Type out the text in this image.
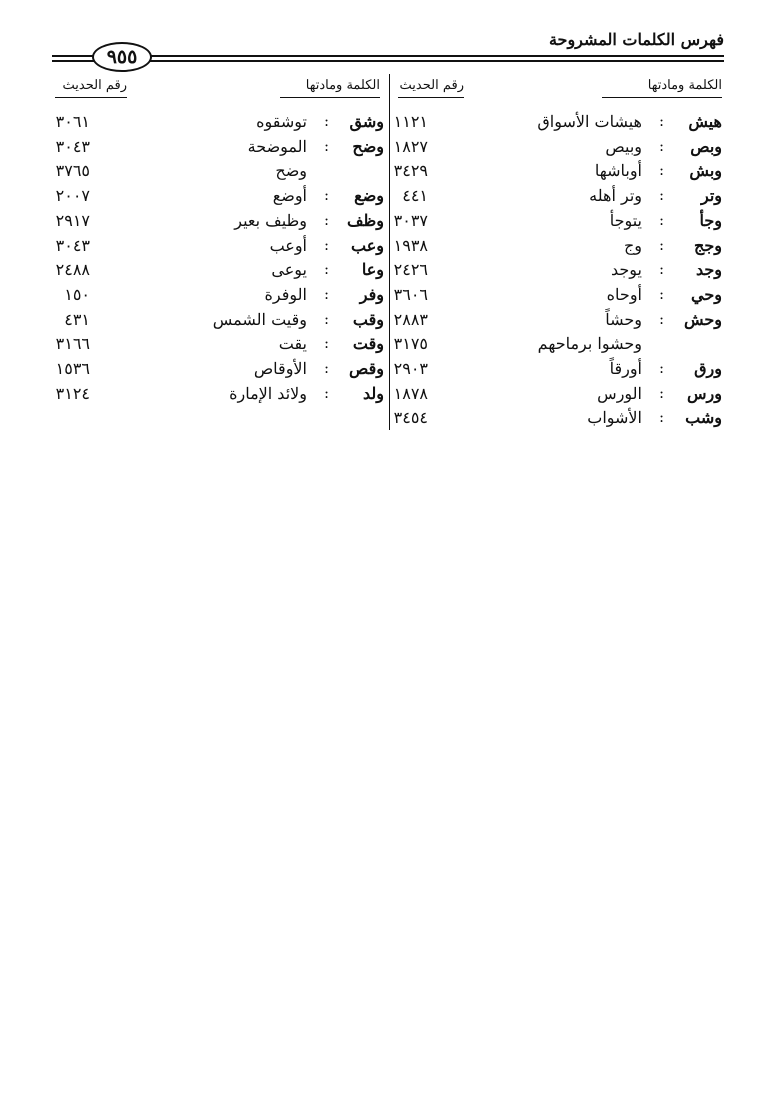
فهرس الكلمات المشروحة
٩٥٥
الكلمة ومادتها
رقم الحديث
الكلمة ومادتها
رقم الحديث
هيش
:
هيشات الأسواق
١١٢١
وبص
:
وبيص
١٨٢٧
وبش
:
أوباشها
٣٤٢٩
وتر
:
وتر أهله
٤٤١
وجأ
:
يتوجأ
٣٠٣٧
وجج
:
وج
١٩٣٨
وجد
:
يوجد
٢٤٢٦
وحي
:
أوحاه
٣٦٠٦
وحش
:
وحشاً
٢٨٨٣
وحشوا برماحهم
٣١٧٥
ورق
:
أورقاً
٢٩٠٣
ورس
:
الورس
١٨٧٨
وشب
:
الأشواب
٣٤٥٤
وشق
:
توشقوه
٣٠٦١
وضح
:
الموضحة
٣٠٤٣
وضح
٣٧٦٥
وضع
:
أوضع
٢٠٠٧
وظف
:
وظيف بعير
٢٩١٧
وعب
:
أوعب
٣٠٤٣
وعا
:
يوعى
٢٤٨٨
وفر
:
الوفرة
١٥٠
وقب
:
وقيت الشمس
٤٣١
وقت
:
يقت
٣١٦٦
وقص
:
الأوقاص
١٥٣٦
ولد
:
ولائد الإمارة
٣١٢٤
